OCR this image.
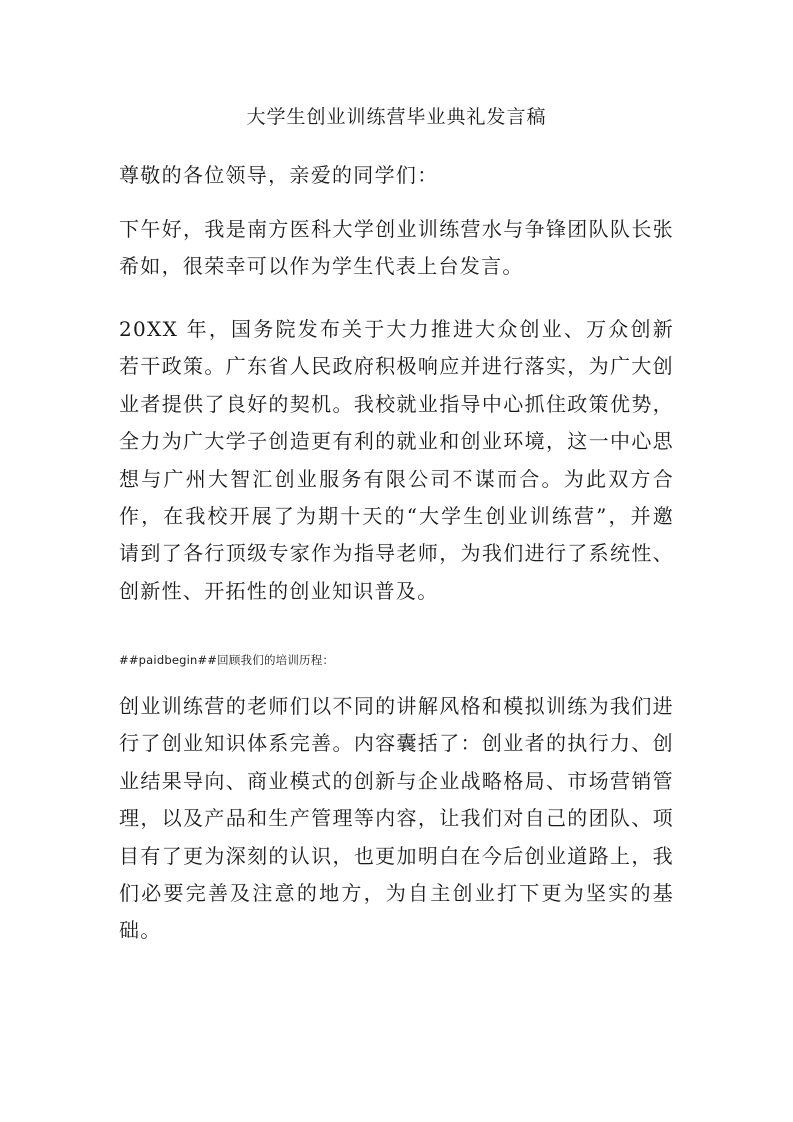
大学生创业训练营毕业典礼发言稿

尊敬的各位领导，亲爱的同学们：

下午好，我是南方医科大学创业训练营水与争锋团队队长张希如，很荣幸可以作为学生代表上台发言。

20XX 年，国务院发布关于大力推进大众创业、万众创新若干政策。广东省人民政府积极响应并进行落实，为广大创业者提供了良好的契机。我校就业指导中心抓住政策优势，全力为广大学子创造更有利的就业和创业环境，这一中心思想与广州大智汇创业服务有限公司不谋而合。为此双方合作，在我校开展了为期十天的“大学生创业训练营”，并邀请到了各行顶级专家作为指导老师，为我们进行了系统性、创新性、开拓性的创业知识普及。

##paidbegin##回顾我们的培训历程：

创业训练营的老师们以不同的讲解风格和模拟训练为我们进行了创业知识体系完善。内容囊括了：创业者的执行力、创业结果导向、商业模式的创新与企业战略格局、市场营销管理，以及产品和生产管理等内容，让我们对自己的团队、项目有了更为深刻的认识，也更加明白在今后创业道路上，我们必要完善及注意的地方，为自主创业打下更为坚实的基础。
